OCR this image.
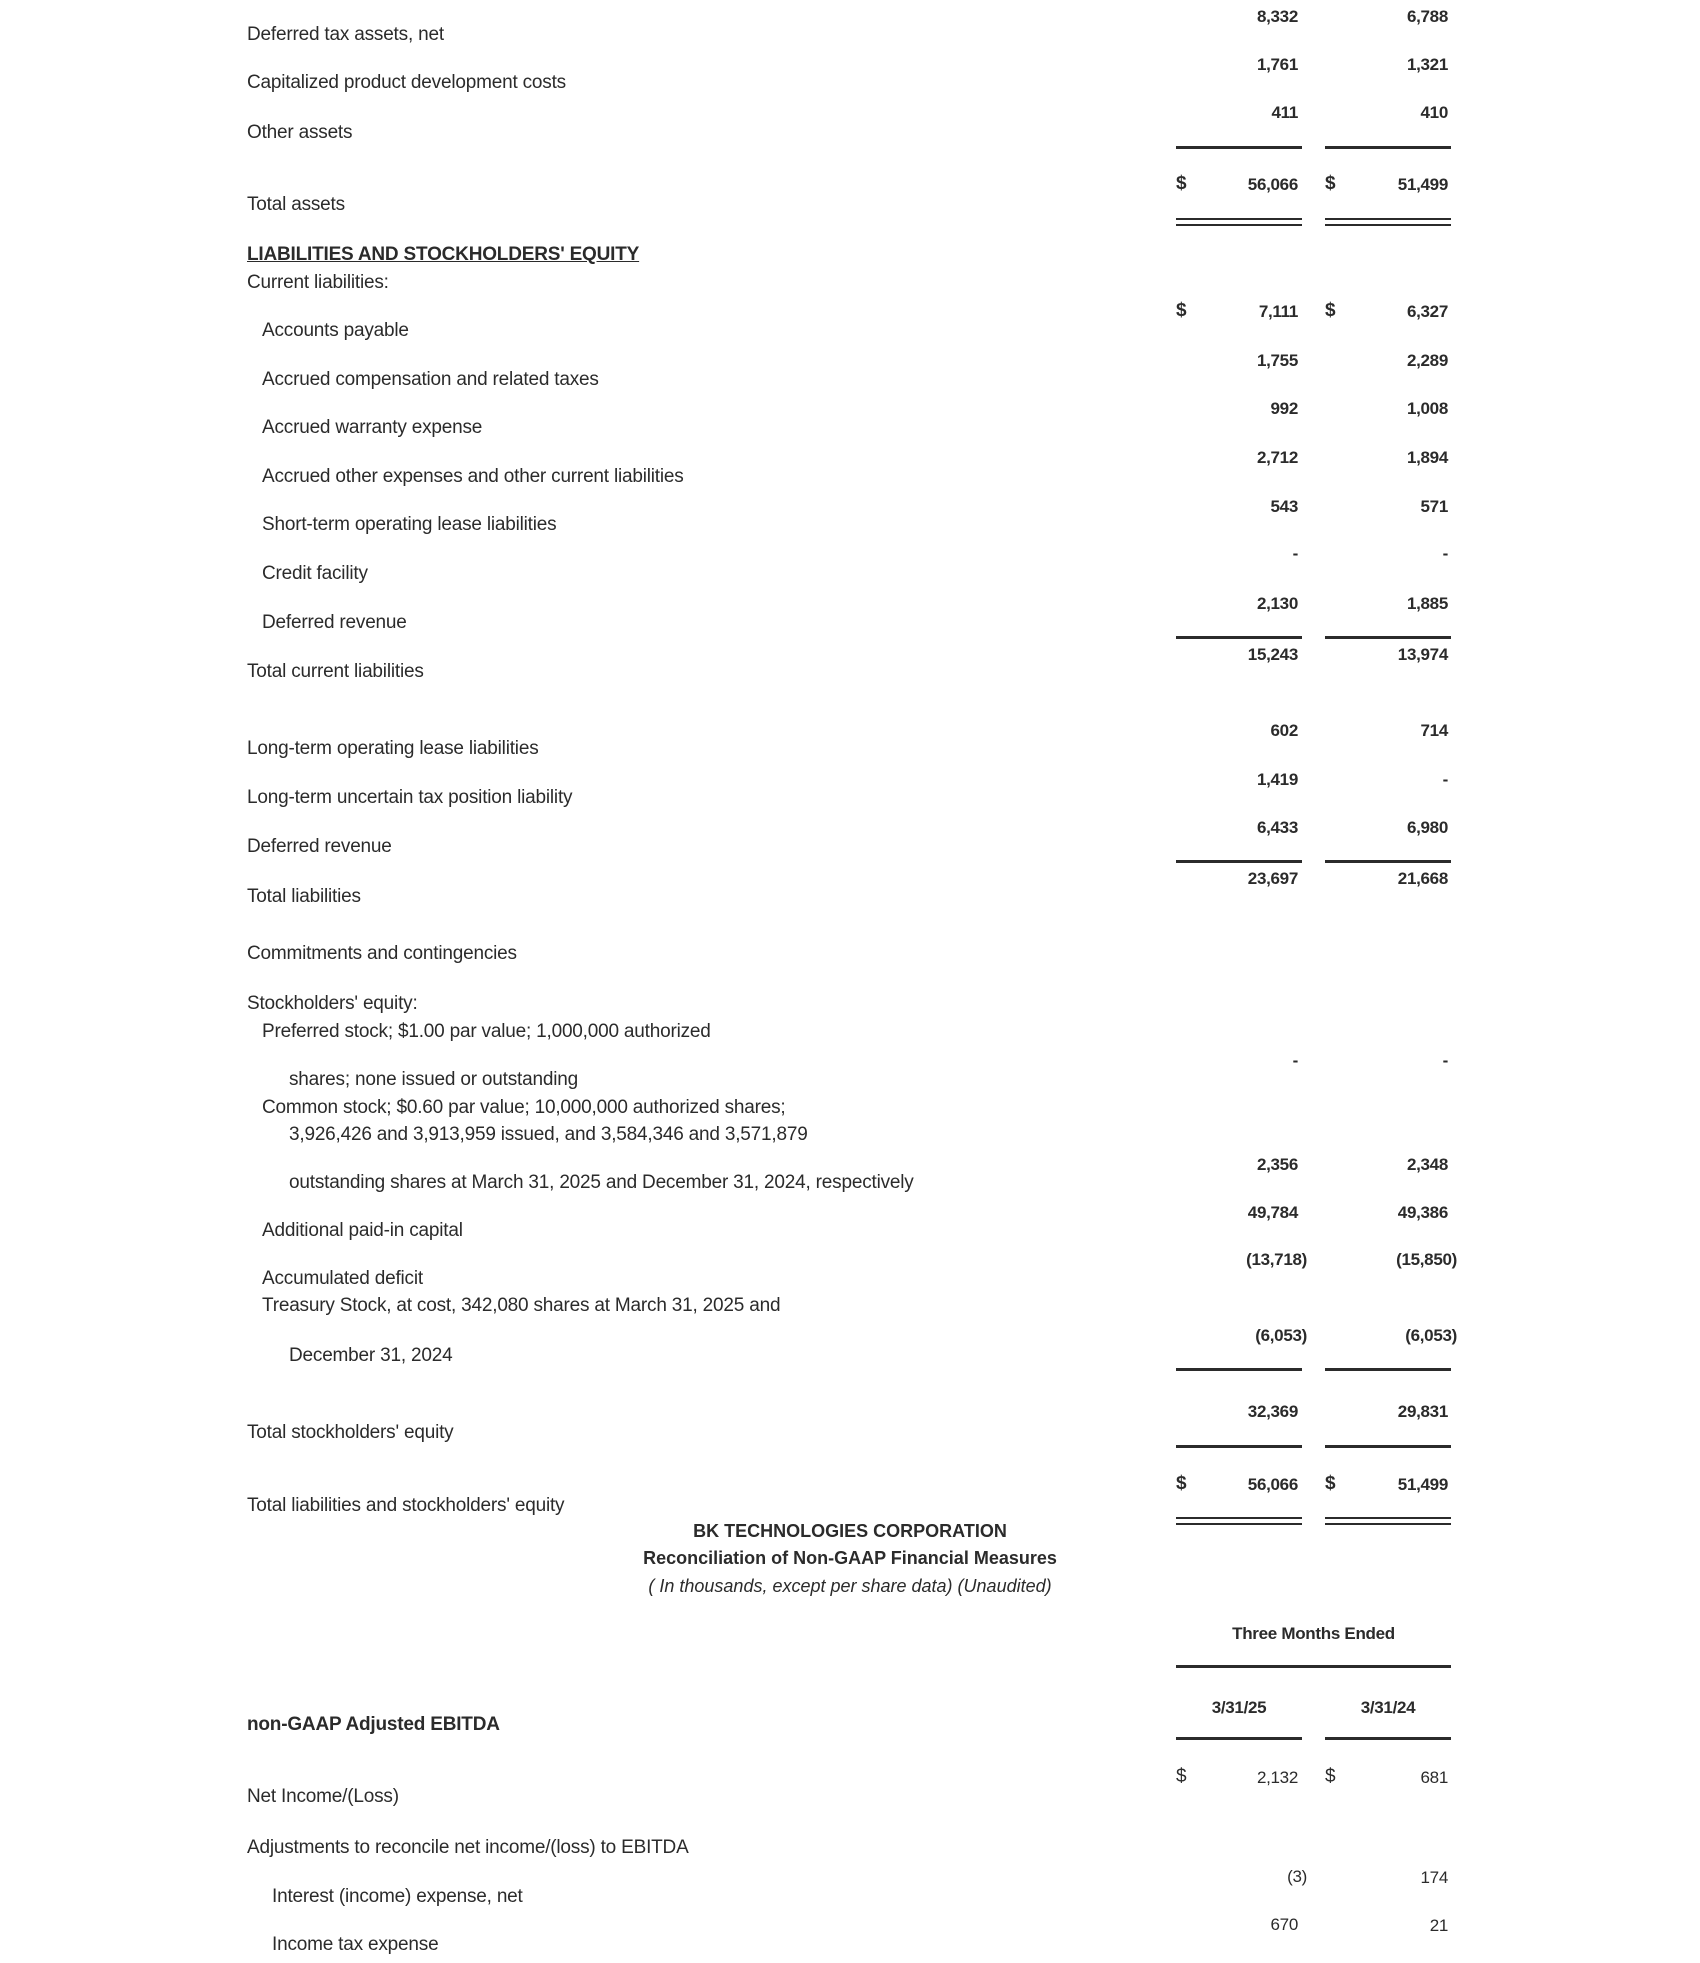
Deferred tax assets, net
8,332	6,788
Capitalized product development costs
1,761	1,321
Other assets
411	410
Total assets
$	56,066 $	51,499
LIABILITIES AND STOCKHOLDERS' EQUITY
Current liabilities:
Accounts payable
$	7,111 $	6,327
Accrued compensation and related taxes
1,755	2,289
Accrued warranty expense
992	1,008
Accrued other expenses and other current liabilities
2,712	1,894
Short-term operating lease liabilities
543	571
Credit facility
-	-
Deferred revenue
2,130	1,885
Total current liabilities
15,243	13,974
Long-term operating lease liabilities
602	714
Long-term uncertain tax position liability
1,419	-
Deferred revenue
6,433	6,980
Total liabilities
23,697	21,668
Commitments and contingencies
Stockholders' equity:
Preferred stock; $1.00 par value; 1,000,000 authorized
shares; none issued or outstanding
-	-
Common stock; $0.60 par value; 10,000,000 authorized shares;
3,926,426 and 3,913,959 issued, and 3,584,346 and 3,571,879
outstanding shares at March 31, 2025 and December 31, 2024, respectively
2,356	2,348
Additional paid-in capital
49,784	49,386
Accumulated deficit
(13,718)	(15,850)
Treasury Stock, at cost, 342,080 shares at March 31, 2025 and
December 31, 2024
(6,053)	(6,053)
Total stockholders' equity
32,369	29,831
Total liabilities and stockholders' equity
$	56,066 $	51,499
BK TECHNOLOGIES CORPORATION
Reconciliation of Non-GAAP Financial Measures
( In thousands, except per share data) (Unaudited)
Three Months Ended
3/31/25	3/31/24
non-GAAP Adjusted EBITDA
Net Income/(Loss)
$	2,132 $	681
Adjustments to reconcile net income/(loss) to EBITDA
Interest (income) expense, net
(3)	174
Income tax expense
670	21
